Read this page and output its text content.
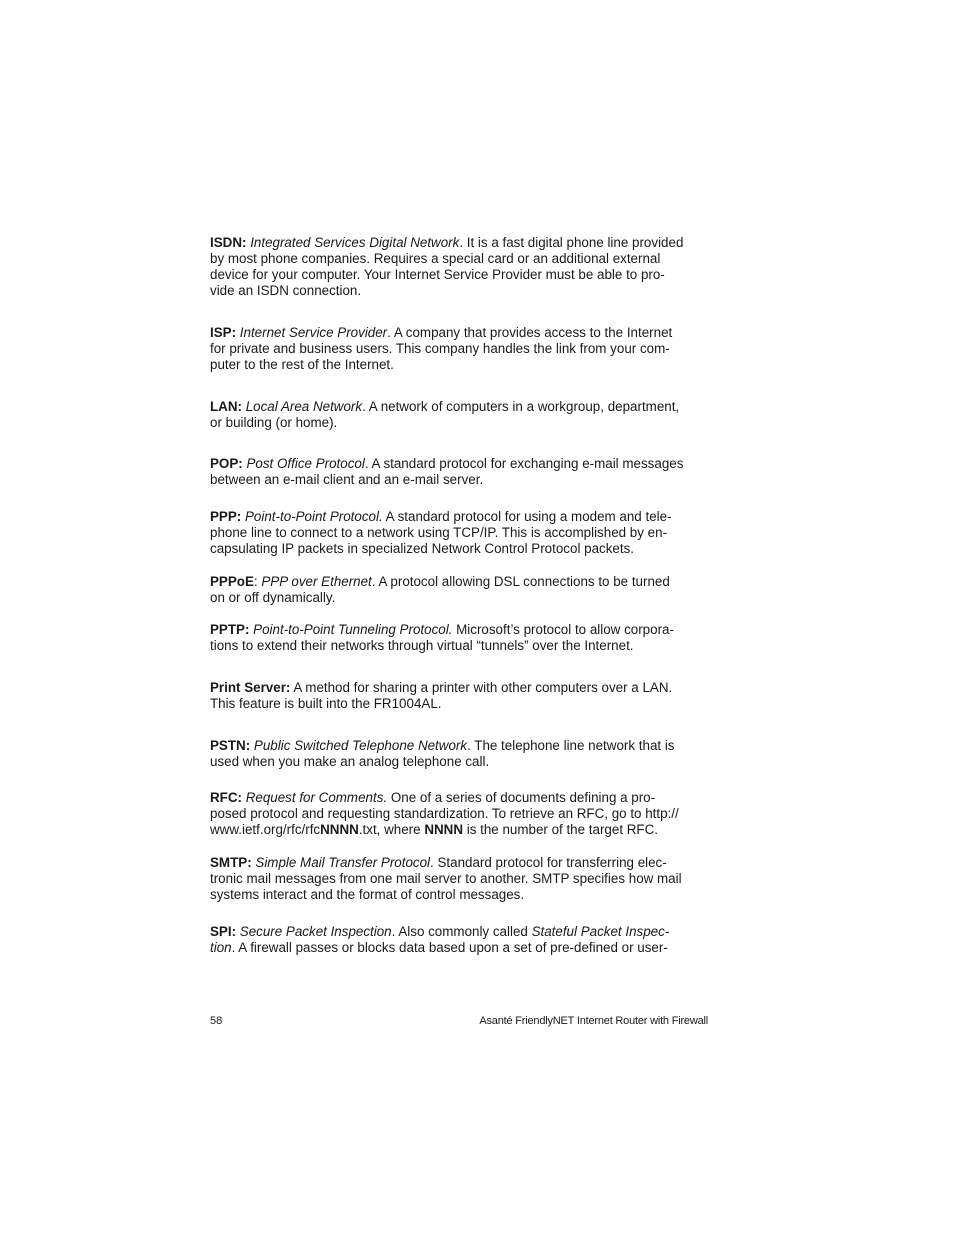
ISDN: Integrated Services Digital Network. It is a fast digital phone line provided
by most phone companies. Requires a special card or an additional external
device for your computer. Your Internet Service Provider must be able to pro-
vide an ISDN connection.
ISP: Internet Service Provider. A company that provides access to the Internet
for private and business users. This company handles the link from your com-
puter to the rest of the Internet.
LAN: Local Area Network. A network of computers in a workgroup, department,
or building (or home).
POP: Post Office Protocol. A standard protocol for exchanging e-mail messages
between an e-mail client and an e-mail server.
PPP: Point-to-Point Protocol. A standard protocol for using a modem and tele-
phone line to connect to a network using TCP/IP. This is accomplished by en-
capsulating IP packets in specialized Network Control Protocol packets.
PPPoE: PPP over Ethernet. A protocol allowing DSL connections to be turned
on or off dynamically.
PPTP: Point-to-Point Tunneling Protocol. Microsoft’s protocol to allow corpora-
tions to extend their networks through virtual “tunnels” over the Internet.
Print Server: A method for sharing a printer with other computers over a LAN.
This feature is built into the FR1004AL.
PSTN: Public Switched Telephone Network. The telephone line network that is
used when you make an analog telephone call.
RFC: Request for Comments. One of a series of documents defining a pro-
posed protocol and requesting standardization. To retrieve an RFC, go to http://
www.ietf.org/rfc/rfcNNNN.txt, where NNNN is the number of the target RFC.
SMTP: Simple Mail Transfer Protocol. Standard protocol for transferring elec-
tronic mail messages from one mail server to another. SMTP specifies how mail
systems interact and the format of control messages.
SPI: Secure Packet Inspection. Also commonly called Stateful Packet Inspec-
tion. A firewall passes or blocks data based upon a set of pre-defined or user-
58	Asanté FriendlyNET Internet Router with Firewall
